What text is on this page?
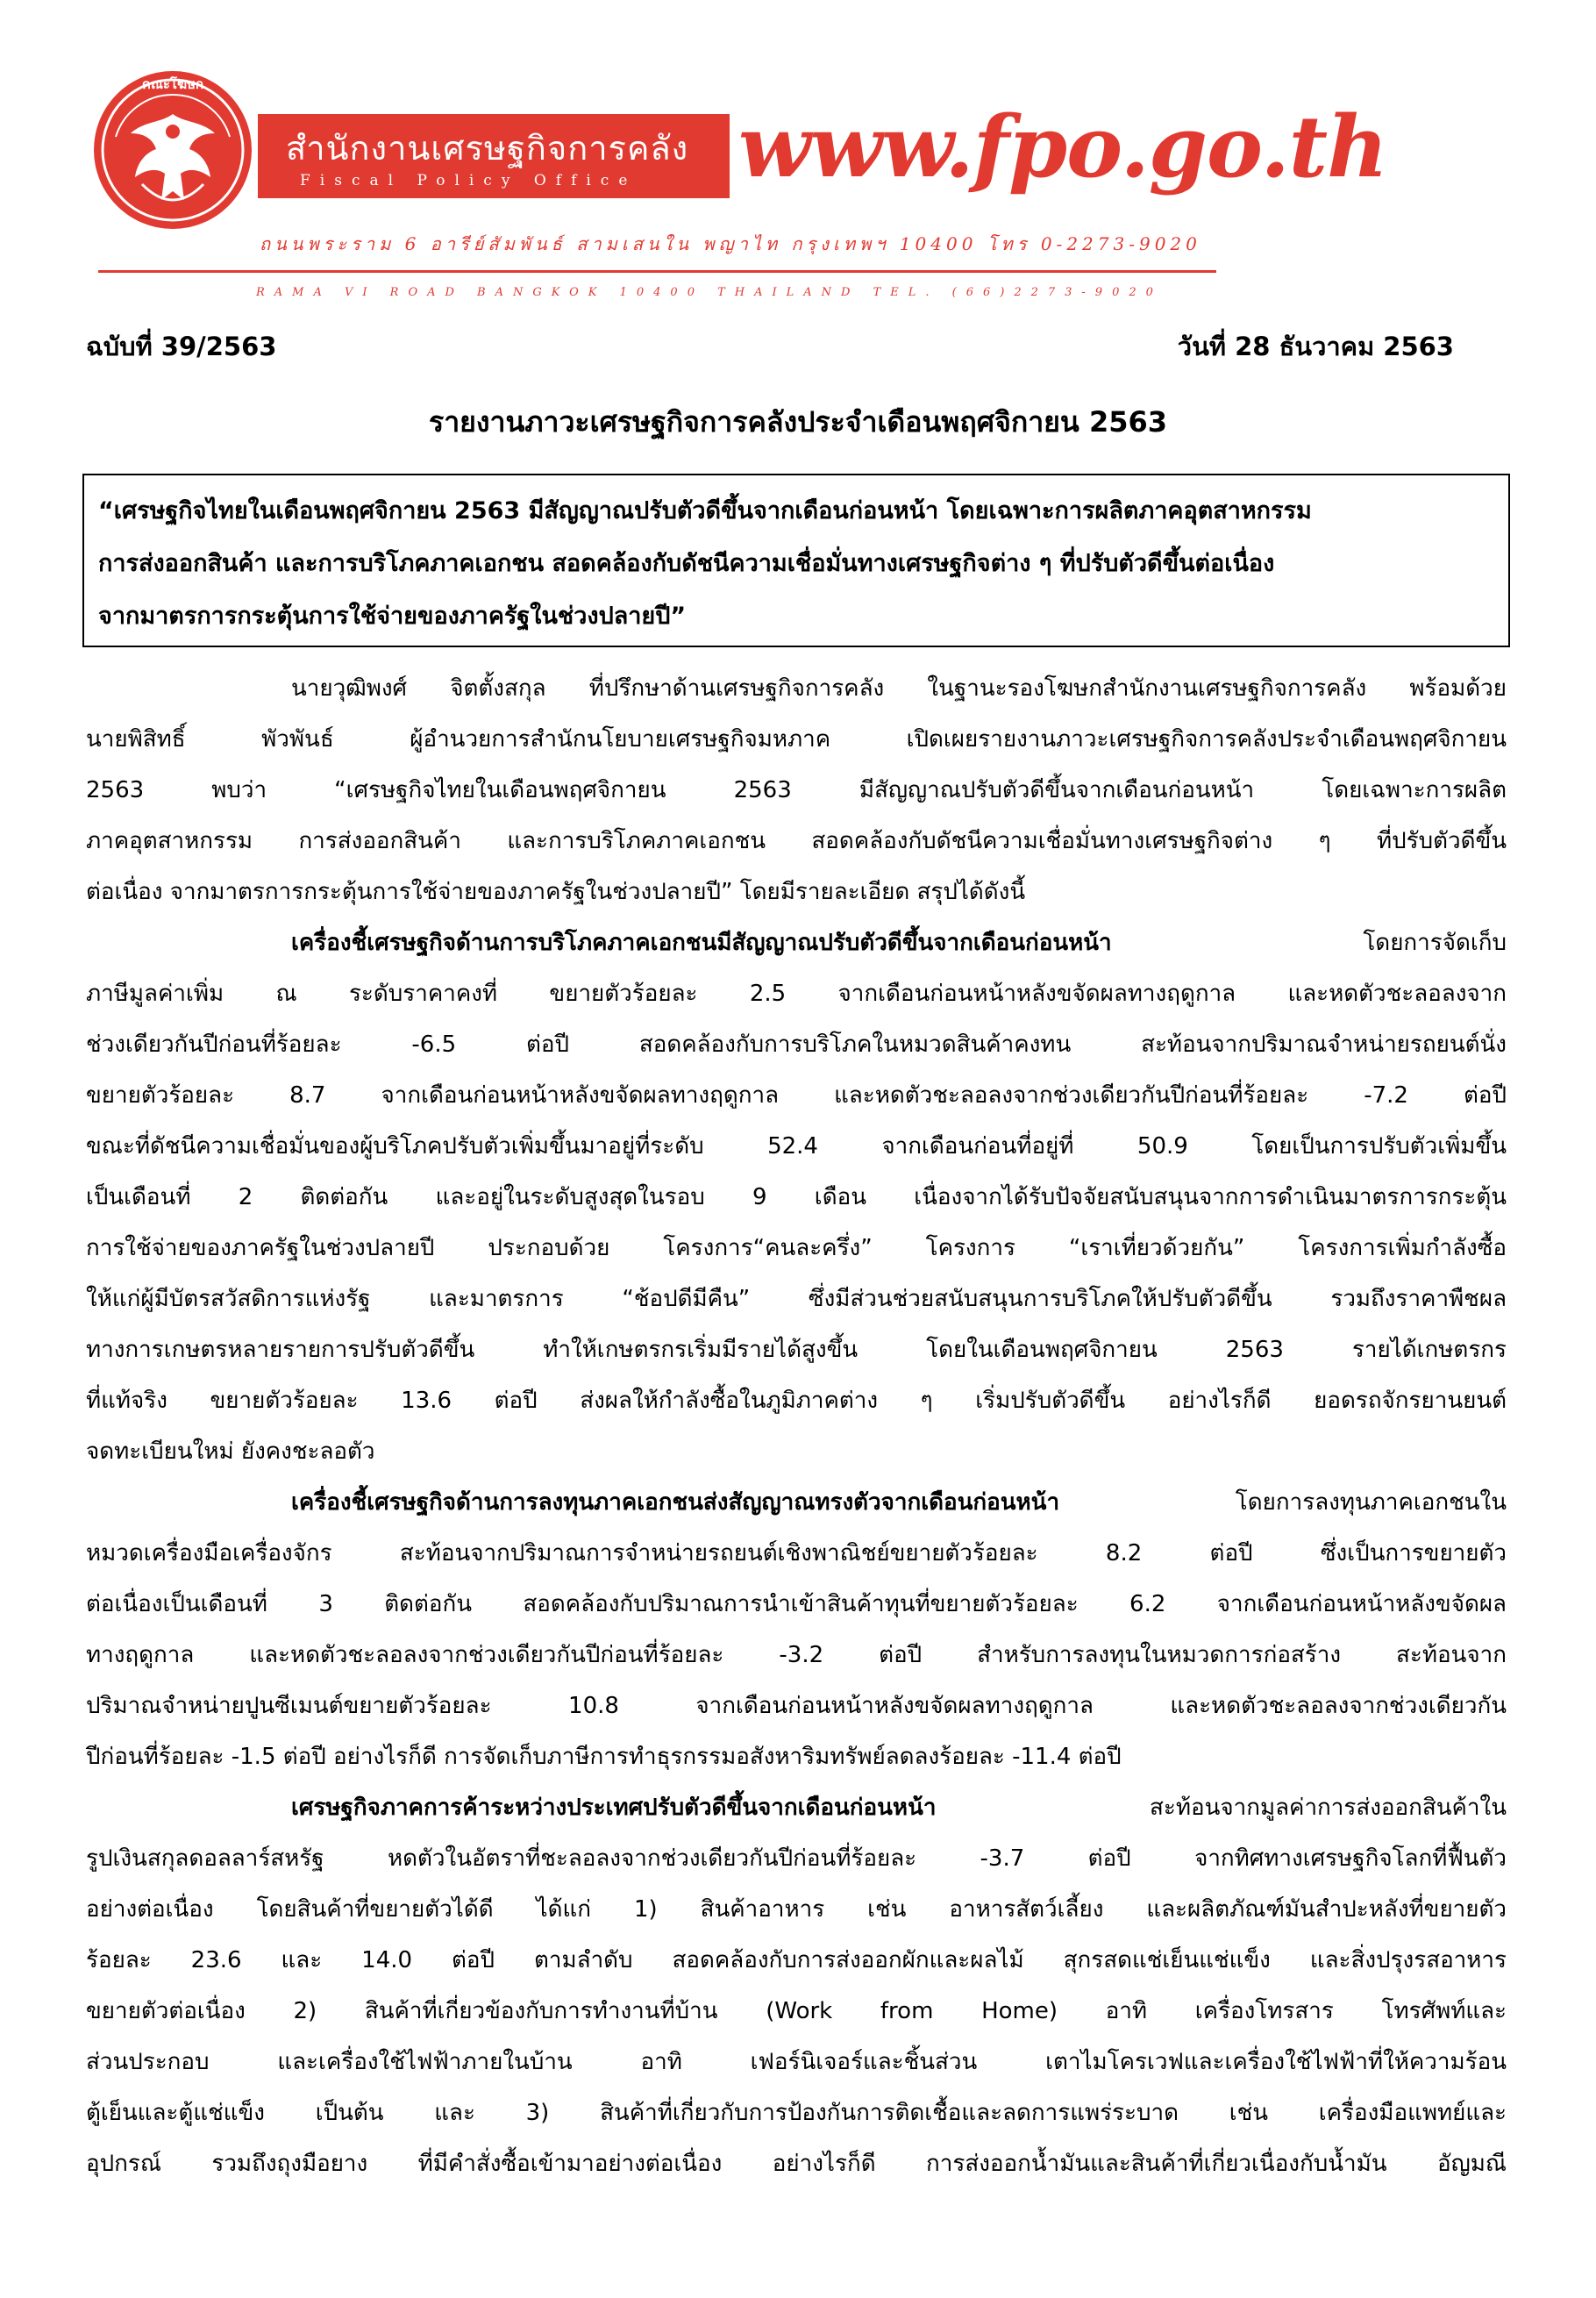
คณะโฆษก
สำนักงานเศรษฐกิจการคลัง
Fiscal Policy Office www.fpo.go.th
ถนนพระราม 6 อารีย์สัมพันธ์ สามเสนใน พญาไท กรุงเทพฯ 10400 โทร 0-2273-9020
RAMA VI ROAD BANGKOK 10400 THAILAND TEL. (66)2273-9020
ฉบับที่ 39/2563	วันที่ 28 ธันวาคม 2563
รายงานภาวะเศรษฐกิจการคลังประจำเดือนพฤศจิกายน 2563
“เศรษฐกิจไทยในเดือนพฤศจิกายน 2563 มีสัญญาณปรับตัวดีขึ้นจากเดือนก่อนหน้า โดยเฉพาะการผลิตภาคอุตสาหกรรม
การส่งออกสินค้า และการบริโภคภาคเอกชน สอดคล้องกับดัชนีความเชื่อมั่นทางเศรษฐกิจต่าง ๆ ที่ปรับตัวดีขึ้นต่อเนื่อง
จากมาตรการกระตุ้นการใช้จ่ายของภาครัฐในช่วงปลายปี”
นายวุฒิพงศ์ จิตตั้งสกุล ที่ปรึกษาด้านเศรษฐกิจการคลัง ในฐานะรองโฆษกสำนักงานเศรษฐกิจการคลัง พร้อมด้วย
นายพิสิทธิ์ พัวพันธ์ ผู้อำนวยการสำนักนโยบายเศรษฐกิจมหภาค เปิดเผยรายงานภาวะเศรษฐกิจการคลังประจำเดือนพฤศจิกายน
2563 พบว่า “เศรษฐกิจไทยในเดือนพฤศจิกายน 2563 มีสัญญาณปรับตัวดีขึ้นจากเดือนก่อนหน้า โดยเฉพาะการผลิต
ภาคอุตสาหกรรม การส่งออกสินค้า และการบริโภคภาคเอกชน สอดคล้องกับดัชนีความเชื่อมั่นทางเศรษฐกิจต่าง ๆ ที่ปรับตัวดีขึ้น
ต่อเนื่อง จากมาตรการกระตุ้นการใช้จ่ายของภาครัฐในช่วงปลายปี” โดยมีรายละเอียด สรุปได้ดังนี้
เครื่องชี้เศรษฐกิจด้านการบริโภคภาคเอกชนมีสัญญาณปรับตัวดีขึ้นจากเดือนก่อนหน้า	โดยการจัดเก็บ
ภาษีมูลค่าเพิ่ม ณ ระดับราคาคงที่ ขยายตัวร้อยละ 2.5 จากเดือนก่อนหน้าหลังขจัดผลทางฤดูกาล และหดตัวชะลอลงจาก
ช่วงเดียวกันปีก่อนที่ร้อยละ -6.5 ต่อปี สอดคล้องกับการบริโภคในหมวดสินค้าคงทน สะท้อนจากปริมาณจำหน่ายรถยนต์นั่ง
ขยายตัวร้อยละ 8.7 จากเดือนก่อนหน้าหลังขจัดผลทางฤดูกาล และหดตัวชะลอลงจากช่วงเดียวกันปีก่อนที่ร้อยละ -7.2 ต่อปี
ขณะที่ดัชนีความเชื่อมั่นของผู้บริโภคปรับตัวเพิ่มขึ้นมาอยู่ที่ระดับ 52.4 จากเดือนก่อนที่อยู่ที่ 50.9 โดยเป็นการปรับตัวเพิ่มขึ้น
เป็นเดือนที่ 2 ติดต่อกัน และอยู่ในระดับสูงสุดในรอบ 9 เดือน เนื่องจากได้รับปัจจัยสนับสนุนจากการดำเนินมาตรการกระตุ้น
การใช้จ่ายของภาครัฐในช่วงปลายปี ประกอบด้วย โครงการ“คนละครึ่ง” โครงการ “เราเที่ยวด้วยกัน” โครงการเพิ่มกำลังซื้อ
ให้แก่ผู้มีบัตรสวัสดิการแห่งรัฐ และมาตรการ “ช้อปดีมีคืน” ซึ่งมีส่วนช่วยสนับสนุนการบริโภคให้ปรับตัวดีขึ้น รวมถึงราคาพืชผล
ทางการเกษตรหลายรายการปรับตัวดีขึ้น ทำให้เกษตรกรเริ่มมีรายได้สูงขึ้น โดยในเดือนพฤศจิกายน 2563 รายได้เกษตรกร
ที่แท้จริง ขยายตัวร้อยละ 13.6 ต่อปี ส่งผลให้กำลังซื้อในภูมิภาคต่าง ๆ เริ่มปรับตัวดีขึ้น อย่างไรก็ดี ยอดรถจักรยานยนต์
จดทะเบียนใหม่ ยังคงชะลอตัว
เครื่องชี้เศรษฐกิจด้านการลงทุนภาคเอกชนส่งสัญญาณทรงตัวจากเดือนก่อนหน้า	โดยการลงทุนภาคเอกชนใน
หมวดเครื่องมือเครื่องจักร สะท้อนจากปริมาณการจำหน่ายรถยนต์เชิงพาณิชย์ขยายตัวร้อยละ 8.2 ต่อปี ซึ่งเป็นการขยายตัว
ต่อเนื่องเป็นเดือนที่ 3 ติดต่อกัน สอดคล้องกับปริมาณการนำเข้าสินค้าทุนที่ขยายตัวร้อยละ 6.2 จากเดือนก่อนหน้าหลังขจัดผล
ทางฤดูกาล และหดตัวชะลอลงจากช่วงเดียวกันปีก่อนที่ร้อยละ -3.2 ต่อปี สำหรับการลงทุนในหมวดการก่อสร้าง สะท้อนจาก
ปริมาณจำหน่ายปูนซีเมนต์ขยายตัวร้อยละ 10.8 จากเดือนก่อนหน้าหลังขจัดผลทางฤดูกาล และหดตัวชะลอลงจากช่วงเดียวกัน
ปีก่อนที่ร้อยละ -1.5 ต่อปี อย่างไรก็ดี การจัดเก็บภาษีการทำธุรกรรมอสังหาริมทรัพย์ลดลงร้อยละ -11.4 ต่อปี
เศรษฐกิจภาคการค้าระหว่างประเทศปรับตัวดีขึ้นจากเดือนก่อนหน้า	สะท้อนจากมูลค่าการส่งออกสินค้าใน
รูปเงินสกุลดอลลาร์สหรัฐ หดตัวในอัตราที่ชะลอลงจากช่วงเดียวกันปีก่อนที่ร้อยละ -3.7 ต่อปี จากทิศทางเศรษฐกิจโลกที่ฟื้นตัว
อย่างต่อเนื่อง โดยสินค้าที่ขยายตัวได้ดี ได้แก่ 1) สินค้าอาหาร เช่น อาหารสัตว์เลี้ยง และผลิตภัณฑ์มันสำปะหลังที่ขยายตัว
ร้อยละ 23.6 และ 14.0 ต่อปี ตามลำดับ สอดคล้องกับการส่งออกผักและผลไม้ สุกรสดแช่เย็นแช่แข็ง และสิ่งปรุงรสอาหาร
ขยายตัวต่อเนื่อง 2) สินค้าที่เกี่ยวข้องกับการทำงานที่บ้าน (Work from Home) อาทิ เครื่องโทรสาร โทรศัพท์และ
ส่วนประกอบ และเครื่องใช้ไฟฟ้าภายในบ้าน อาทิ เฟอร์นิเจอร์และชิ้นส่วน เตาไมโครเวฟและเครื่องใช้ไฟฟ้าที่ให้ความร้อน
ตู้เย็นและตู้แช่แข็ง เป็นต้น และ 3) สินค้าที่เกี่ยวกับการป้องกันการติดเชื้อและลดการแพร่ระบาด เช่น เครื่องมือแพทย์และ
อุปกรณ์ รวมถึงถุงมือยาง ที่มีคำสั่งซื้อเข้ามาอย่างต่อเนื่อง อย่างไรก็ดี การส่งออกน้ำมันและสินค้าที่เกี่ยวเนื่องกับน้ำมัน อัญมณี
